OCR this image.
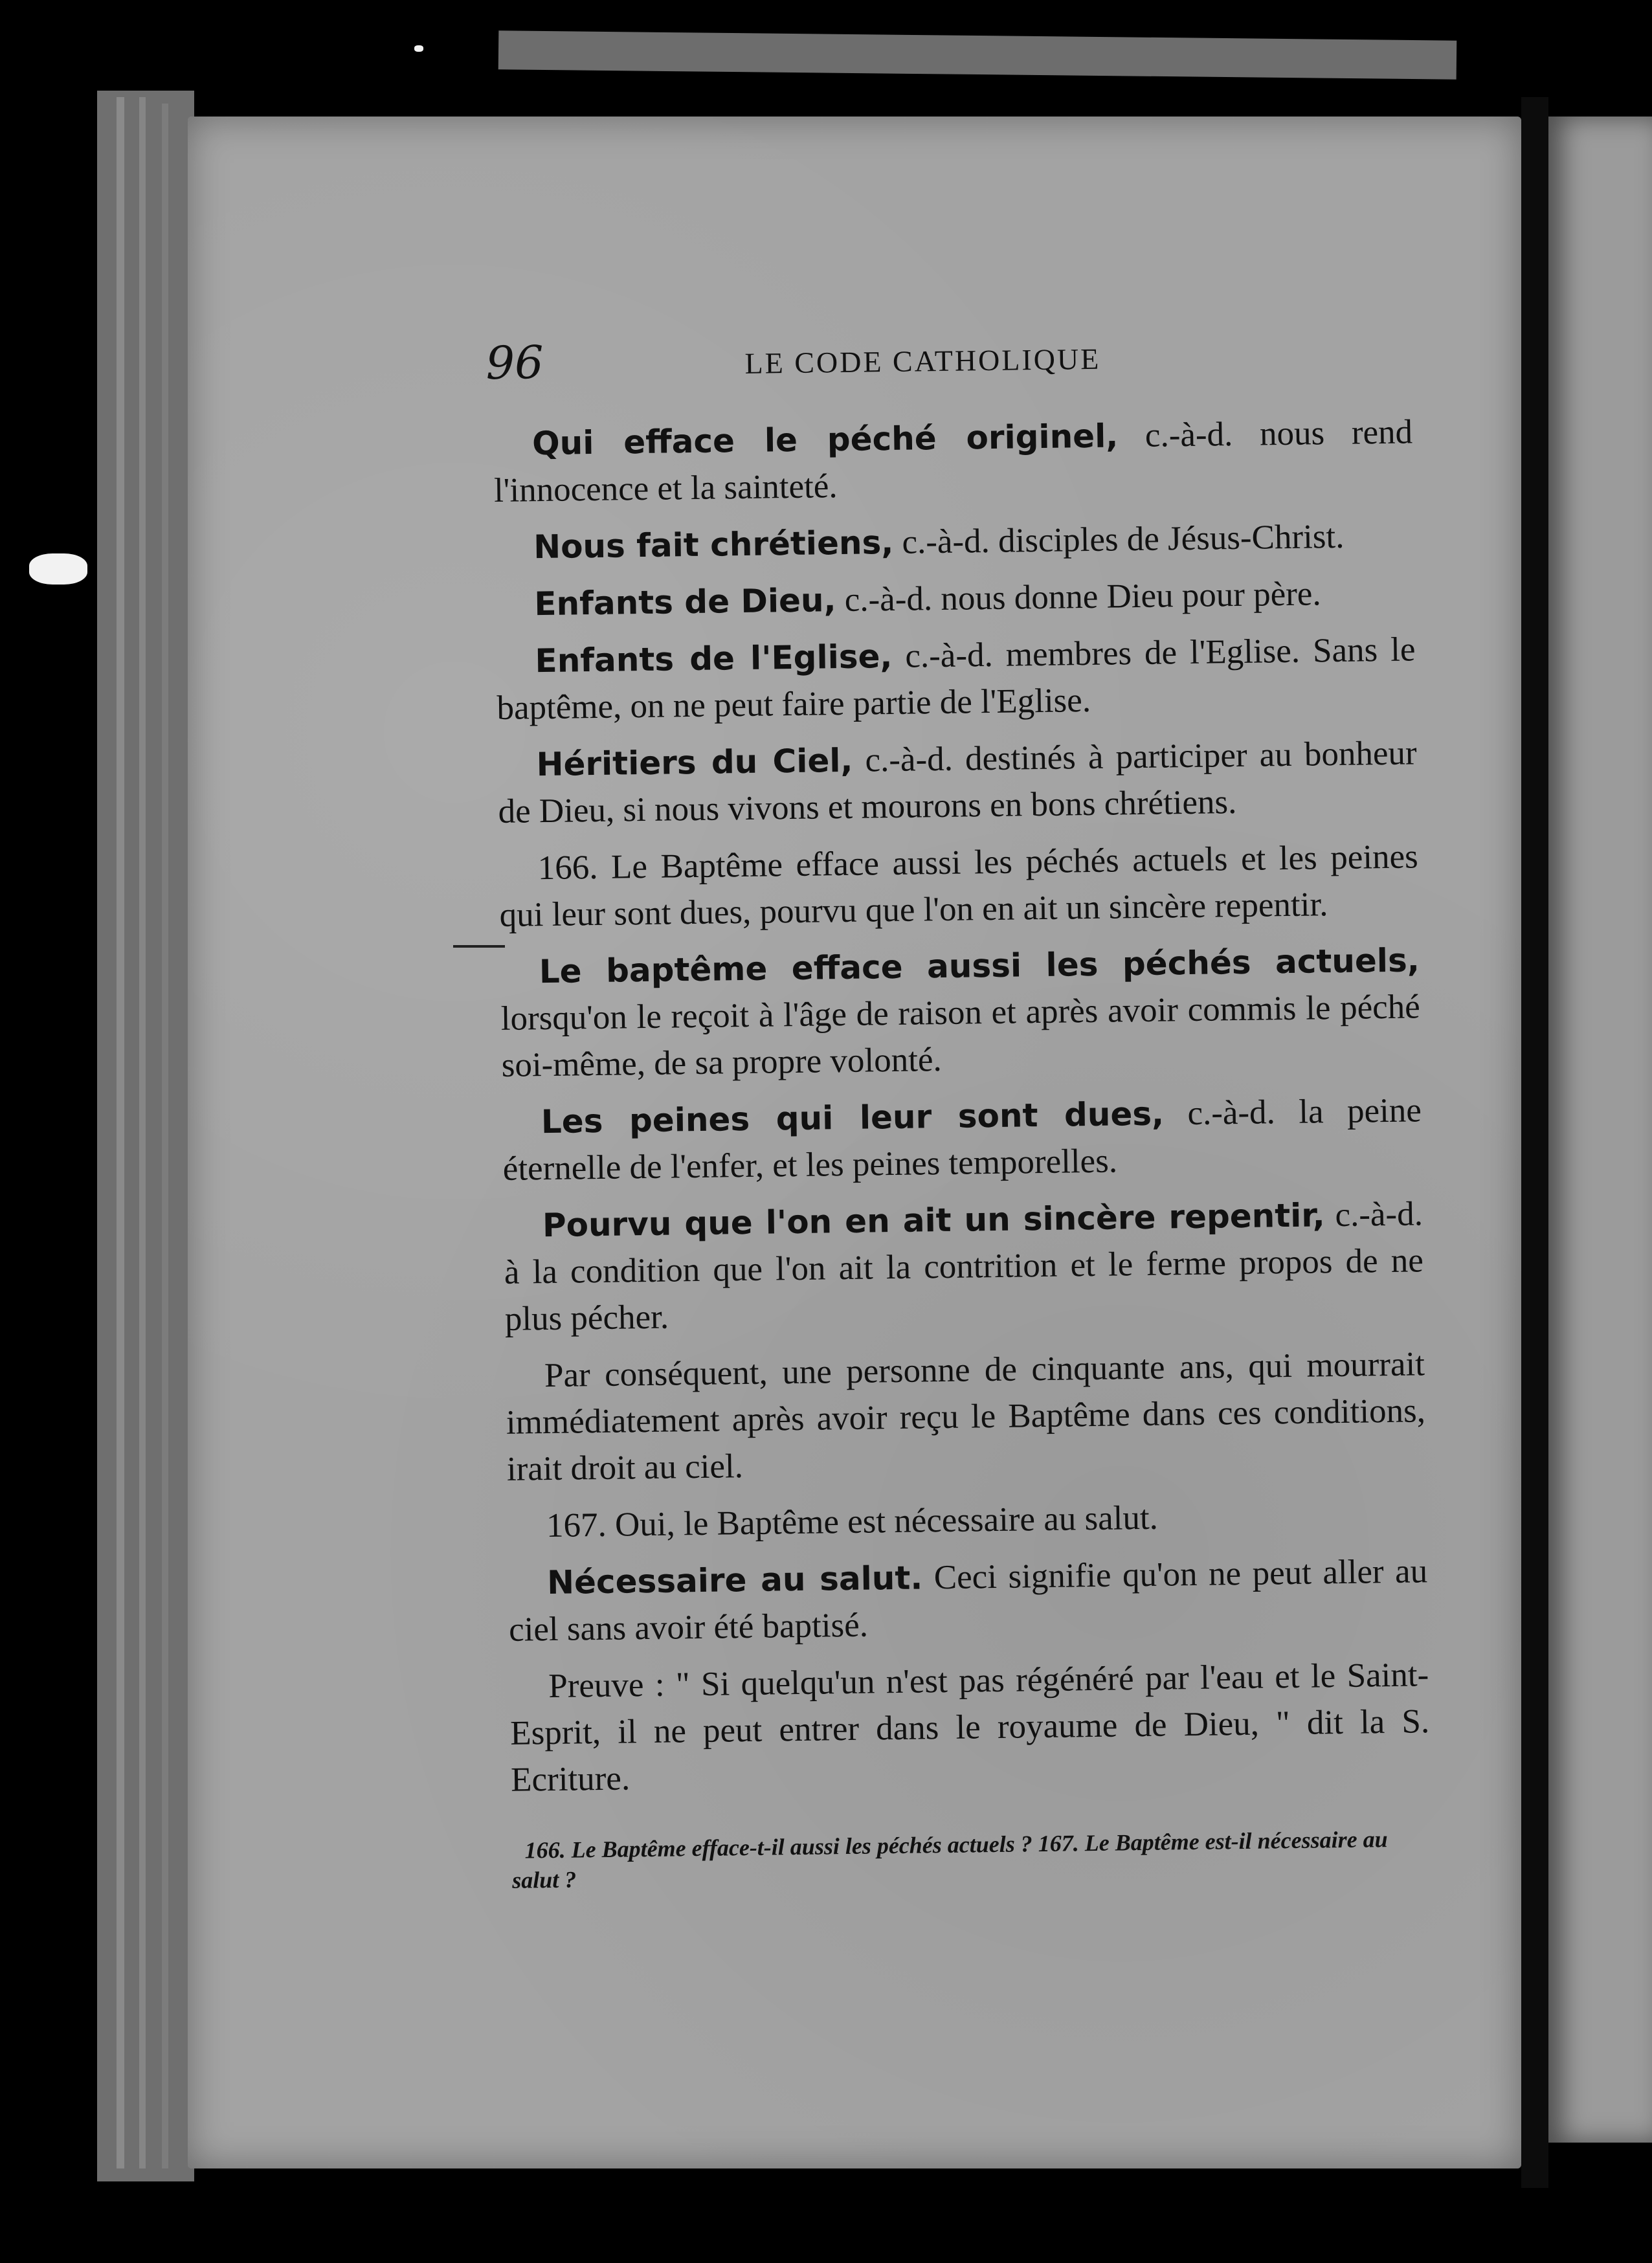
96	LE CODE CATHOLIQUE

Qui efface le péché originel, c.-à-d. nous rend l'innocence et la sainteté.

Nous fait chrétiens, c.-à-d. disciples de Jésus-Christ.

Enfants de Dieu, c.-à-d. nous donne Dieu pour père.

Enfants de l'Eglise, c.-à-d. membres de l'Eglise. Sans le baptême, on ne peut faire partie de l'Eglise.

Héritiers du Ciel, c.-à-d. destinés à participer au bonheur de Dieu, si nous vivons et mourons en bons chrétiens.

166. Le Baptême efface aussi les péchés actuels et les peines qui leur sont dues, pourvu que l'on en ait un sincère repentir.

Le baptême efface aussi les péchés actuels, lorsqu'on le reçoit à l'âge de raison et après avoir commis le péché soi-même, de sa propre volonté.

Les peines qui leur sont dues, c.-à-d. la peine éternelle de l'enfer, et les peines temporelles.

Pourvu que l'on en ait un sincère repentir, c.-à-d. à la condition que l'on ait la contrition et le ferme propos de ne plus pécher.

Par conséquent, une personne de cinquante ans, qui mourrait immédiatement après avoir reçu le Baptême dans ces conditions, irait droit au ciel.

167. Oui, le Baptême est nécessaire au salut.

Nécessaire au salut. Ceci signifie qu'on ne peut aller au ciel sans avoir été baptisé.

Preuve : " Si quelqu'un n'est pas régénéré par l'eau et le Saint-Esprit, il ne peut entrer dans le royaume de Dieu, " dit la S. Ecriture.

166. Le Baptême efface-t-il aussi les péchés actuels ? 167. Le Baptême est-il nécessaire au salut ?
